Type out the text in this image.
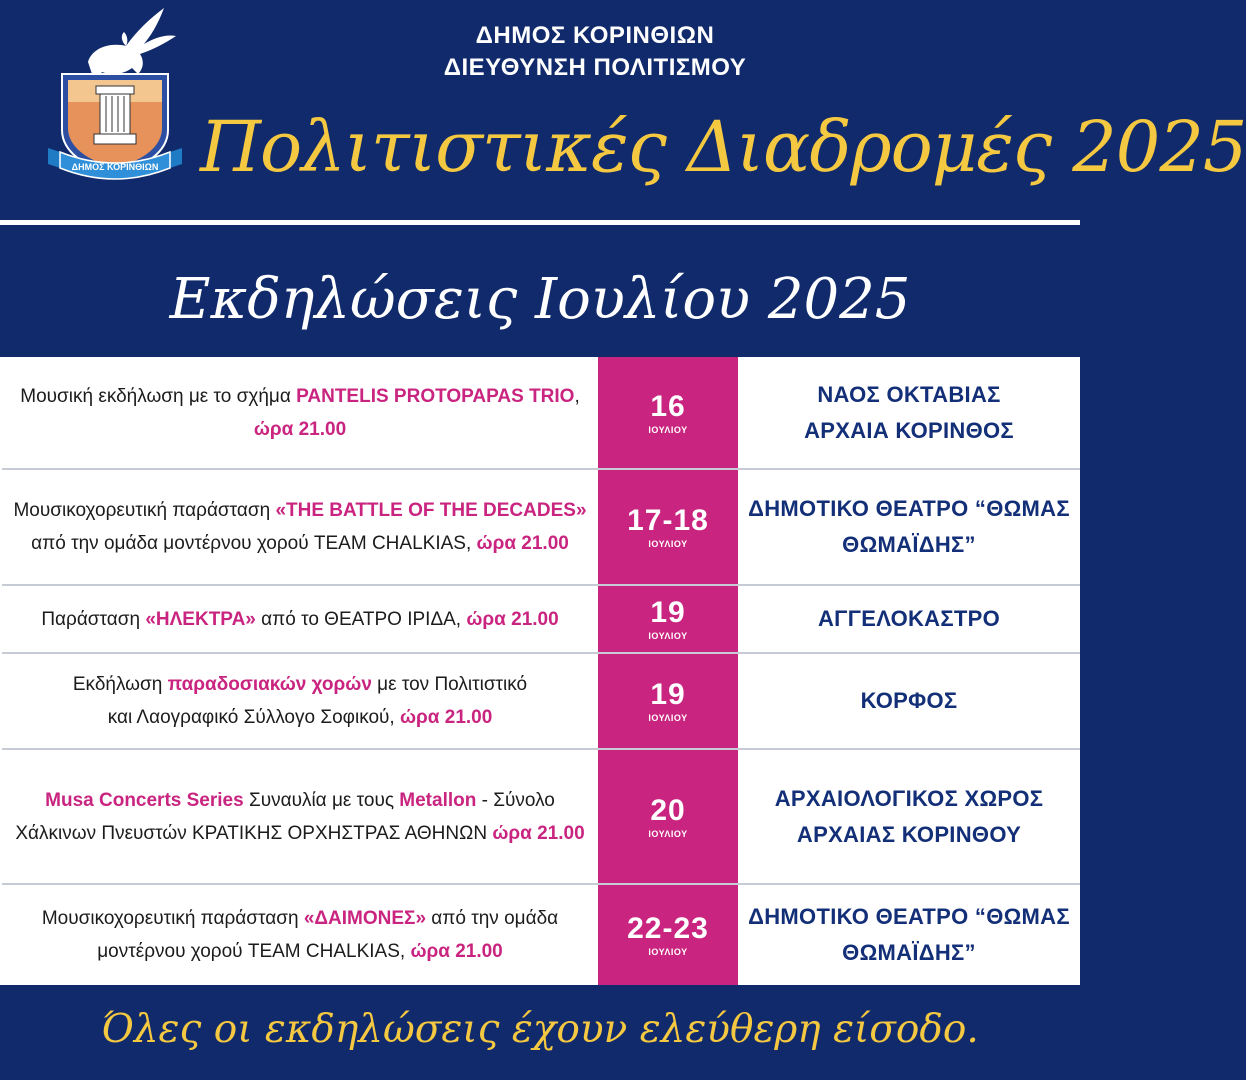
ΔΗΜΟΣ ΚΟΡΙΝΘΙΩΝ
ΔΗΜΟΣ ΚΟΡΙΝΘΙΩΝ
ΔΙΕΥΘΥΝΣΗ ΠΟΛΙΤΙΣΜΟΥ
Πολιτιστικές Διαδρομές 2025
Εκδηλώσεις Ιουλίου 2025
Μουσική εκδήλωση με το σχήμα PANTELIS PROTOPAPAS TRIO,
ώρα 21.00
16
ΙΟΥΛΙΟΥ
ΝΑΟΣ ΟΚΤΑΒΙΑΣ
ΑΡΧΑΙΑ ΚΟΡΙΝΘΟΣ
Μουσικοχορευτική παράσταση «THE BATTLE OF THE DECADES»
από την ομάδα μοντέρνου χορού TEAM CHALKIAS, ώρα 21.00
17-18
ΙΟΥΛΙΟΥ
ΔΗΜΟΤΙΚΟ ΘΕΑΤΡΟ “ΘΩΜΑΣ
ΘΩΜΑΪΔΗΣ”
Παράσταση «ΗΛΕΚΤΡΑ» από το ΘΕΑΤΡΟ ΙΡΙΔΑ, ώρα 21.00	19
ΙΟΥΛΙΟΥ
ΑΓΓΕΛΟΚΑΣΤΡΟ
Εκδήλωση παραδοσιακών χορών με τον Πολιτιστικό
και Λαογραφικό Σύλλογο Σοφικού, ώρα 21.00
19
ΙΟΥΛΙΟΥ
ΚΟΡΦΟΣ
Musa Concerts Series Συναυλία με τους Metallon - Σύνολο
Χάλκινων Πνευστών ΚΡΑΤΙΚΗΣ ΟΡΧΗΣΤΡΑΣ ΑΘΗΝΩΝ ώρα 21.00
20
ΙΟΥΛΙΟΥ
ΑΡΧΑΙΟΛΟΓΙΚΟΣ ΧΩΡΟΣ
ΑΡΧΑΙΑΣ ΚΟΡΙΝΘΟΥ
Μουσικοχορευτική παράσταση «ΔΑΙΜΟΝΕΣ» από την ομάδα
μοντέρνου χορού TEAM CHALKIAS, ώρα 21.00
22-23
ΙΟΥΛΙΟΥ
ΔΗΜΟΤΙΚΟ ΘΕΑΤΡΟ “ΘΩΜΑΣ
ΘΩΜΑΪΔΗΣ”
Όλες οι εκδηλώσεις έχουν ελεύθερη είσοδο.
